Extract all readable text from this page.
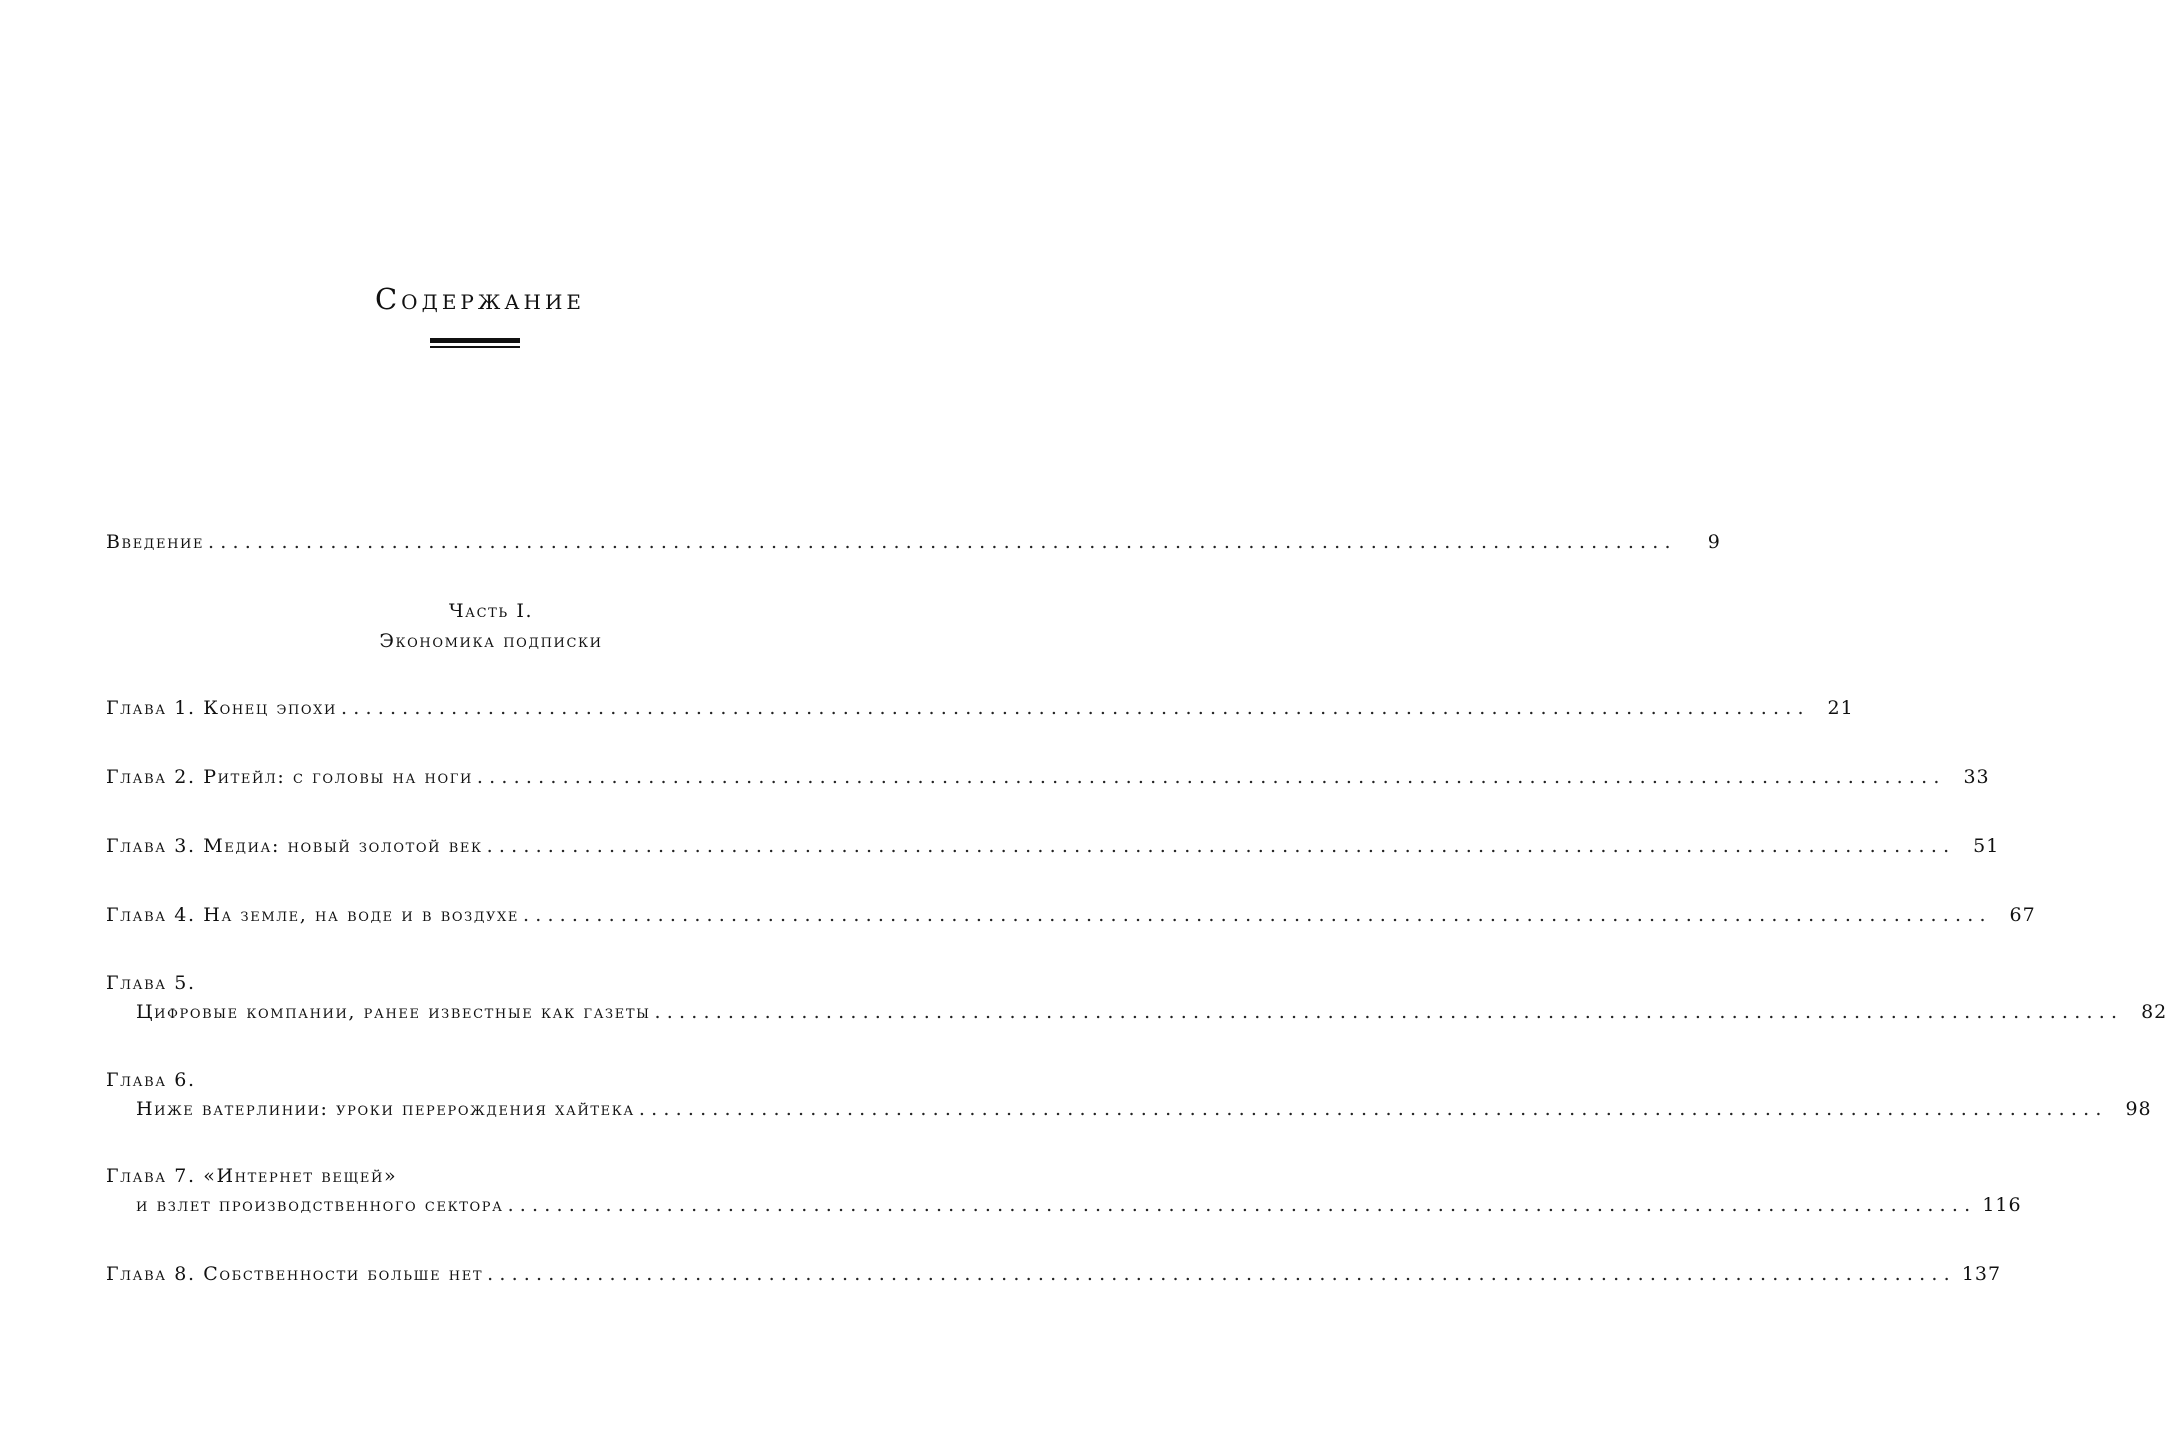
Содержание
Введение ........................................................................................................................	9
Часть I.
Экономика подписки
Глава 1. Конец эпохи ........................................................................................................................ 21
Глава 2. Ритейл: с головы на ноги ........................................................................................................................ 33
Глава 3. Медиа: новый золотой век ........................................................................................................................ 51
Глава 4. На земле, на воде и в воздухе ........................................................................................................................ 67
Глава 5.
Цифровые компании, ранее известные как газеты ........................................................................................................................ 82
Глава 6.
Ниже ватерлинии: уроки перерождения хайтека ........................................................................................................................ 98
Глава 7. «Интернет вещей»
и взлет производственного сектора ........................................................................................................................ 116
Глава 8. Собственности больше нет ........................................................................................................................ 137
